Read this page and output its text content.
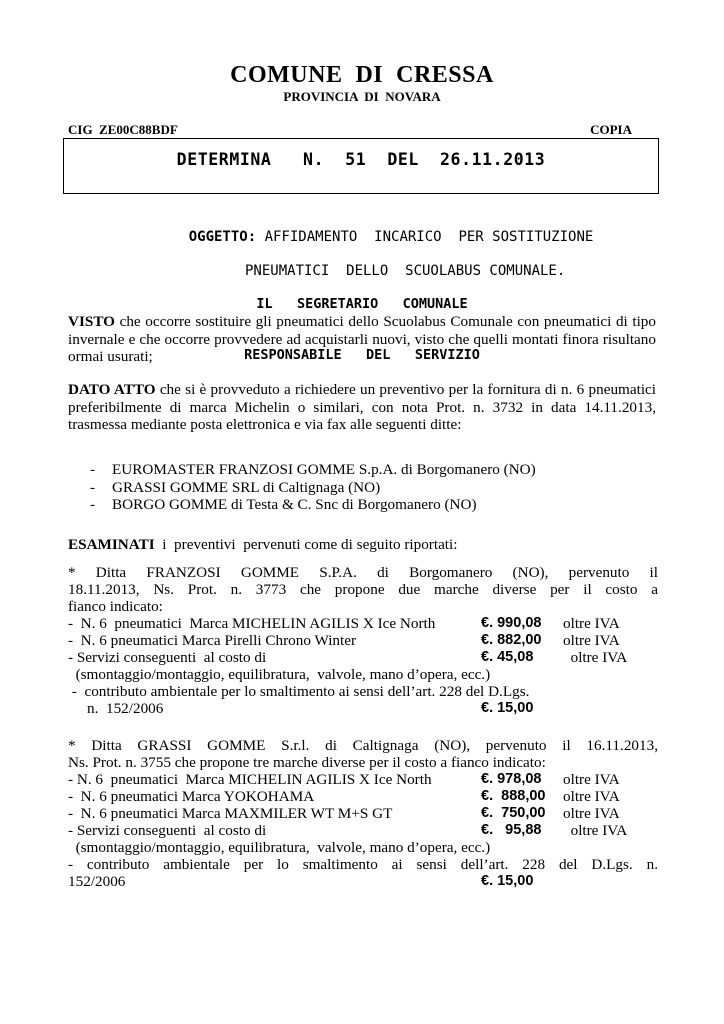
COMUNE  DI  CRESSA
PROVINCIA  DI  NOVARA
CIG  ZE00C88BDF	COPIA
DETERMINA   N.  51  DEL  26.11.2013

OGGETTO: AFFIDAMENTO  INCARICO  PER SOSTITUZIONE

PNEUMATICI  DELLO  SCUOLABUS COMUNALE.

IL   SEGRETARIO   COMUNALE

RESPONSABILE   DEL   SERVIZIO

VISTO che occorre sostituire gli pneumatici dello Scuolabus Comunale con pneumatici di tipo invernale e che occorre provvedere ad acquistarli nuovi, visto che quelli montati finora risultano ormai usurati;
DATO ATTO che si è provveduto a richiedere un preventivo per la fornitura di n. 6 pneumatici preferibilmente di marca Michelin o similari, con nota Prot. n. 3732 in data 14.11.2013, trasmessa mediante posta elettronica e via fax alle seguenti ditte:
- EUROMASTER FRANZOSI GOMME S.p.A. di Borgomanero (NO)
- GRASSI GOMME SRL di Caltignaga (NO)
- BORGO GOMME di Testa & C. Snc di Borgomanero (NO)
ESAMINATI  i  preventivi  pervenuti come di seguito riportati:
* Ditta FRANZOSI GOMME S.P.A. di Borgomanero (NO), pervenuto il
18.11.2013, Ns. Prot. n. 3773 che propone due marche diverse per il costo a
fianco indicato:
-  N. 6  pneumatici  Marca MICHELIN AGILIS X Ice North	€. 990,08 oltre IVA
-  N. 6 pneumatici Marca Pirelli Chrono Winter	€. 882,00 oltre IVA
- Servizi conseguenti  al costo di	€. 45,08 oltre IVA
(smontaggio/montaggio, equilibratura,  valvole, mano d’opera, ecc.)
-  contributo ambientale per lo smaltimento ai sensi dell’art. 228 del D.Lgs.
n.  152/2006	€. 15,00
* Ditta GRASSI GOMME S.r.l. di Caltignaga (NO), pervenuto il 16.11.2013,
Ns. Prot. n. 3755 che propone tre marche diverse per il costo a fianco indicato:
- N. 6  pneumatici  Marca MICHELIN AGILIS X Ice North	€. 978,08 oltre IVA
-  N. 6 pneumatici Marca YOKOHAMA	€.  888,00 oltre IVA
-  N. 6 pneumatici Marca MAXMILER WT M+S GT	€.  750,00 oltre IVA
- Servizi conseguenti  al costo di	€.   95,88 oltre IVA
(smontaggio/montaggio, equilibratura,  valvole, mano d’opera, ecc.)
- contributo ambientale per lo smaltimento ai sensi dell’art. 228 del D.Lgs. n.
152/2006	€. 15,00
